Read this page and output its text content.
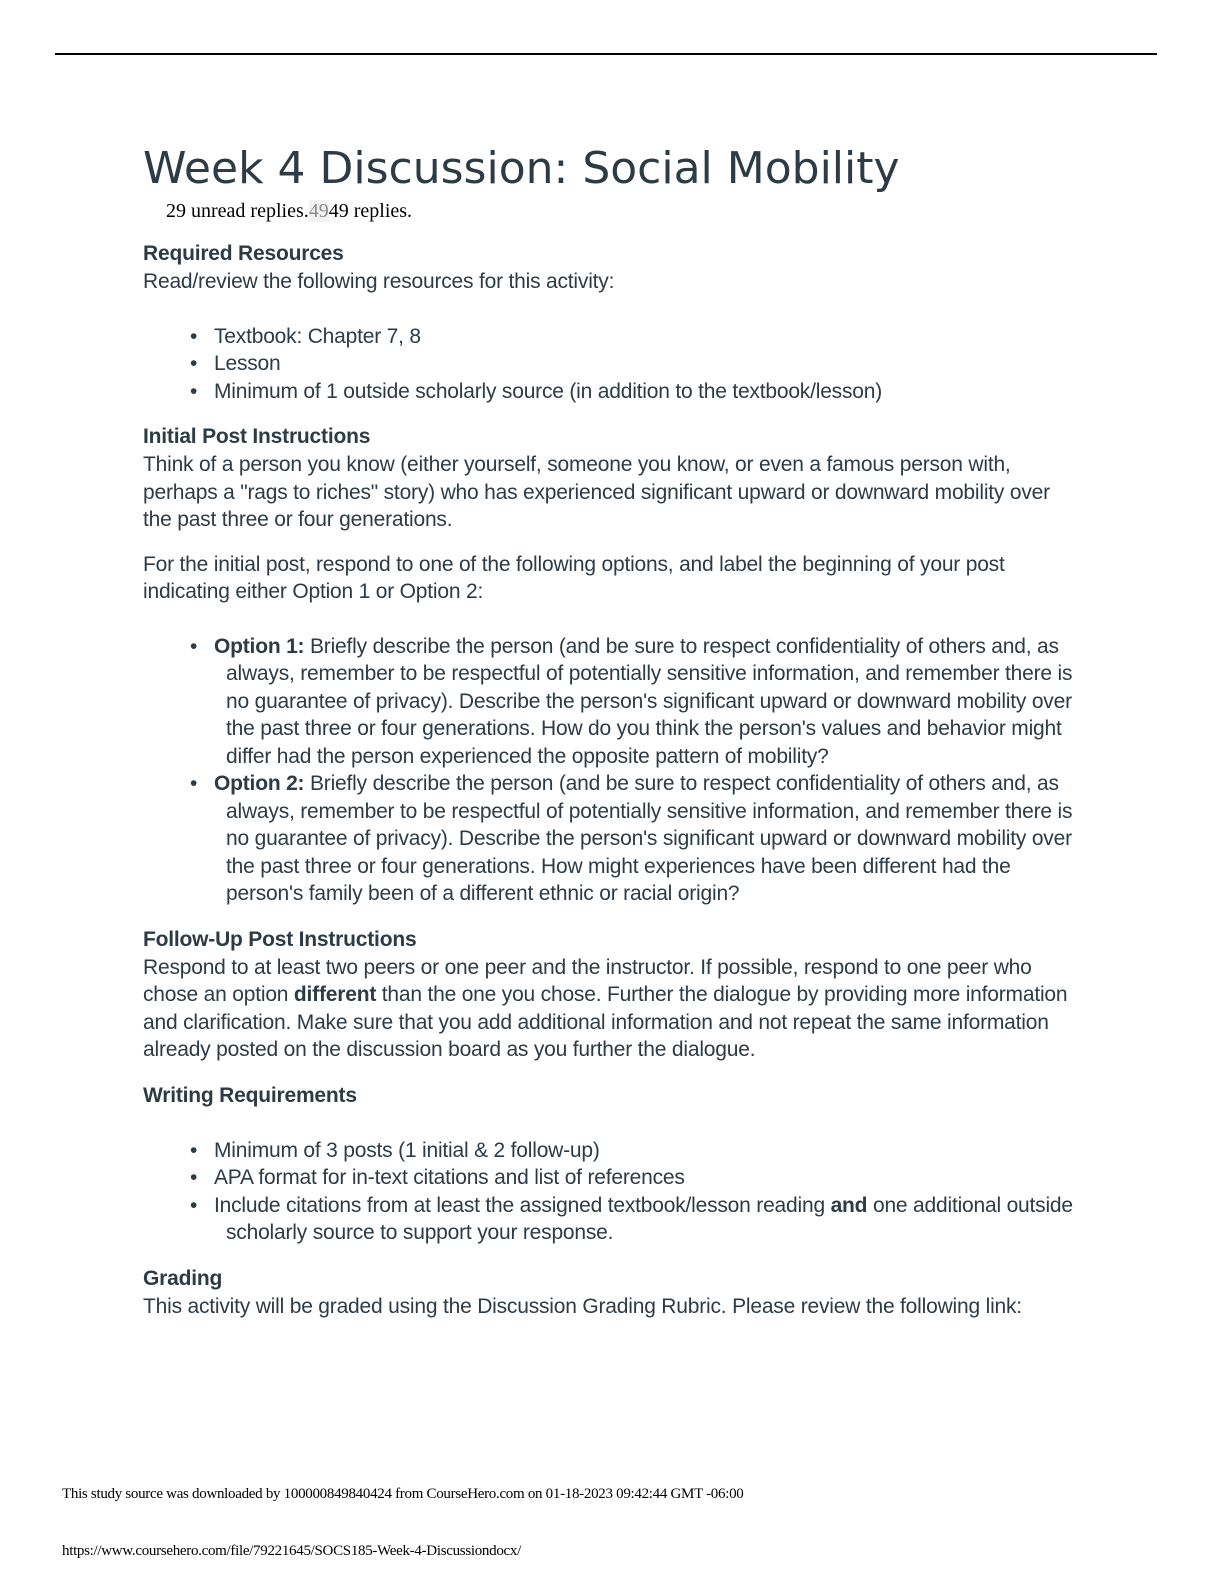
Week 4 Discussion: Social Mobility
29 unread replies.4949 replies.
Required Resources

Read/review the following resources for this activity:

• Textbook: Chapter 7, 8
• Lesson
• Minimum of 1 outside scholarly source (in addition to the textbook/lesson)
Initial Post Instructions

Think of a person you know (either yourself, someone you know, or even a famous person with, perhaps a "rags to riches" story) who has experienced significant upward or downward mobility over the past three or four generations.

For the initial post, respond to one of the following options, and label the beginning of your post indicating either Option 1 or Option 2:

• Option 1: Briefly describe the person (and be sure to respect confidentiality of others and, as always, remember to be respectful of potentially sensitive information, and remember there is no guarantee of privacy). Describe the person's significant upward or downward mobility over the past three or four generations. How do you think the person's values and behavior might differ had the person experienced the opposite pattern of mobility?
• Option 2: Briefly describe the person (and be sure to respect confidentiality of others and, as always, remember to be respectful of potentially sensitive information, and remember there is no guarantee of privacy). Describe the person's significant upward or downward mobility over the past three or four generations. How might experiences have been different had the person's family been of a different ethnic or racial origin?
Follow-Up Post Instructions

Respond to at least two peers or one peer and the instructor. If possible, respond to one peer who chose an option different than the one you chose. Further the dialogue by providing more information and clarification. Make sure that you add additional information and not repeat the same information already posted on the discussion board as you further the dialogue.

Writing Requirements
• Minimum of 3 posts (1 initial & 2 follow-up)
• APA format for in-text citations and list of references
• Include citations from at least the assigned textbook/lesson reading and one additional outside scholarly source to support your response.
Grading

This activity will be graded using the Discussion Grading Rubric. Please review the following link:

This study source was downloaded by 100000849840424 from CourseHero.com on 01-18-2023 09:42:44 GMT -06:00
https://www.coursehero.com/file/79221645/SOCS185-Week-4-Discussiondocx/
